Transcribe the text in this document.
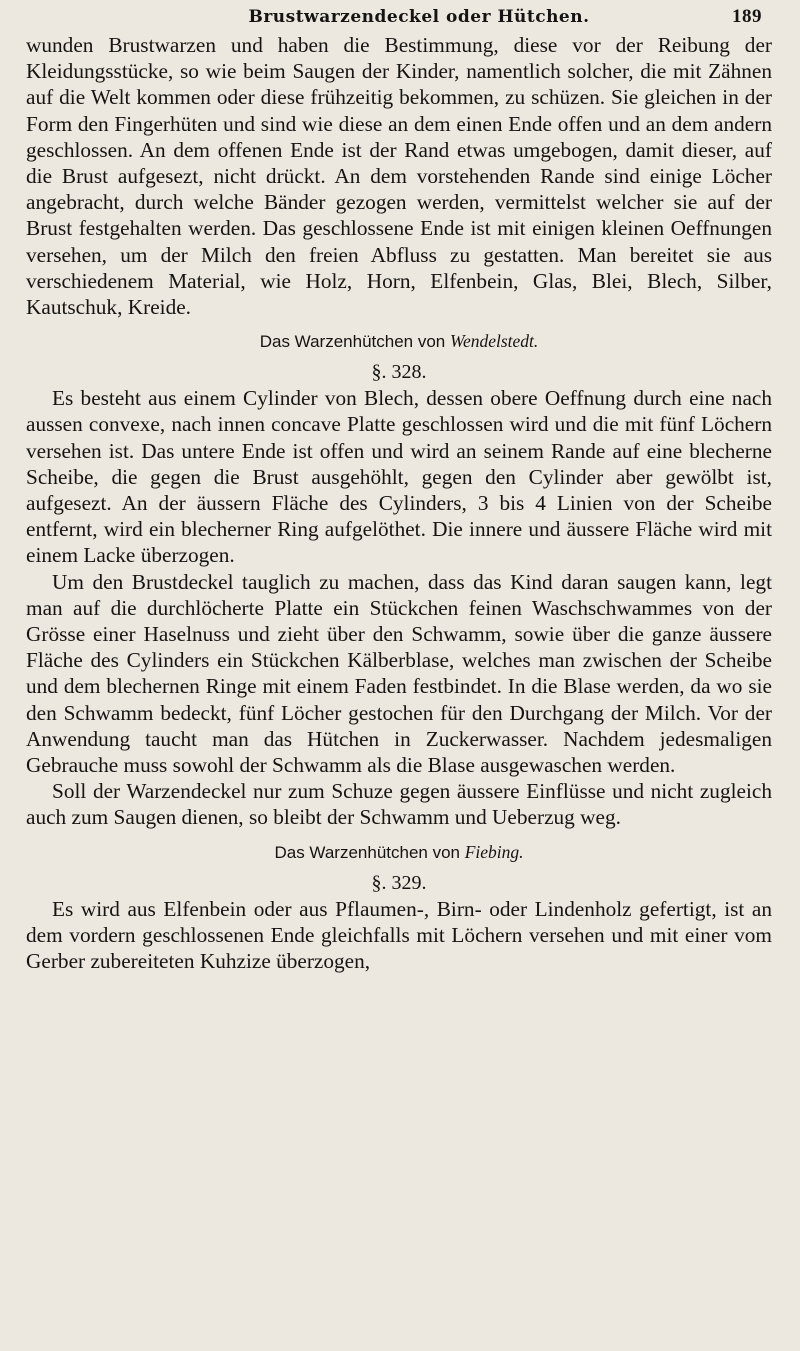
Brustwarzendeckel oder Hütchen.	189

wunden Brustwarzen und haben die Bestimmung, diese vor der Reibung der Kleidungsstücke, so wie beim Saugen der Kinder, namentlich solcher, die mit Zähnen auf die Welt kommen oder diese frühzeitig bekommen, zu schüzen. Sie gleichen in der Form den Fingerhüten und sind wie diese an dem einen Ende offen und an dem andern geschlossen. An dem offenen Ende ist der Rand etwas umgebogen, damit dieser, auf die Brust aufgesezt, nicht drückt. An dem vorstehenden Rande sind einige Löcher angebracht, durch welche Bänder gezogen werden, vermittelst welcher sie auf der Brust festgehalten werden. Das geschlossene Ende ist mit einigen kleinen Oeffnungen versehen, um der Milch den freien Abfluss zu gestatten. Man bereitet sie aus verschiedenem Material, wie Holz, Horn, Elfenbein, Glas, Blei, Blech, Silber, Kautschuk, Kreide.

Das Warzenhütchen von Wendelstedt.
§. 328.

Es besteht aus einem Cylinder von Blech, dessen obere Oeffnung durch eine nach aussen convexe, nach innen concave Platte geschlossen wird und die mit fünf Löchern versehen ist. Das untere Ende ist offen und wird an seinem Rande auf eine blecherne Scheibe, die gegen die Brust ausgehöhlt, gegen den Cylinder aber gewölbt ist, aufgesezt. An der äussern Fläche des Cylinders, 3 bis 4 Linien von der Scheibe entfernt, wird ein blecherner Ring aufgelöthet. Die innere und äussere Fläche wird mit einem Lacke überzogen.

Um den Brustdeckel tauglich zu machen, dass das Kind daran saugen kann, legt man auf die durchlöcherte Platte ein Stückchen feinen Waschschwammes von der Grösse einer Haselnuss und zieht über den Schwamm, sowie über die ganze äussere Fläche des Cylinders ein Stückchen Kälberblase, welches man zwischen der Scheibe und dem blechernen Ringe mit einem Faden festbindet. In die Blase werden, da wo sie den Schwamm bedeckt, fünf Löcher gestochen für den Durchgang der Milch. Vor der Anwendung taucht man das Hütchen in Zuckerwasser. Nachdem jedesmaligen Gebrauche muss sowohl der Schwamm als die Blase ausgewaschen werden.

Soll der Warzendeckel nur zum Schuze gegen äussere Einflüsse und nicht zugleich auch zum Saugen dienen, so bleibt der Schwamm und Ueberzug weg.

Das Warzenhütchen von Fiebing.
§. 329.

Es wird aus Elfenbein oder aus Pflaumen-, Birn- oder Lindenholz gefertigt, ist an dem vordern geschlossenen Ende gleichfalls mit Löchern versehen und mit einer vom Gerber zubereiteten Kuhzize überzogen,
